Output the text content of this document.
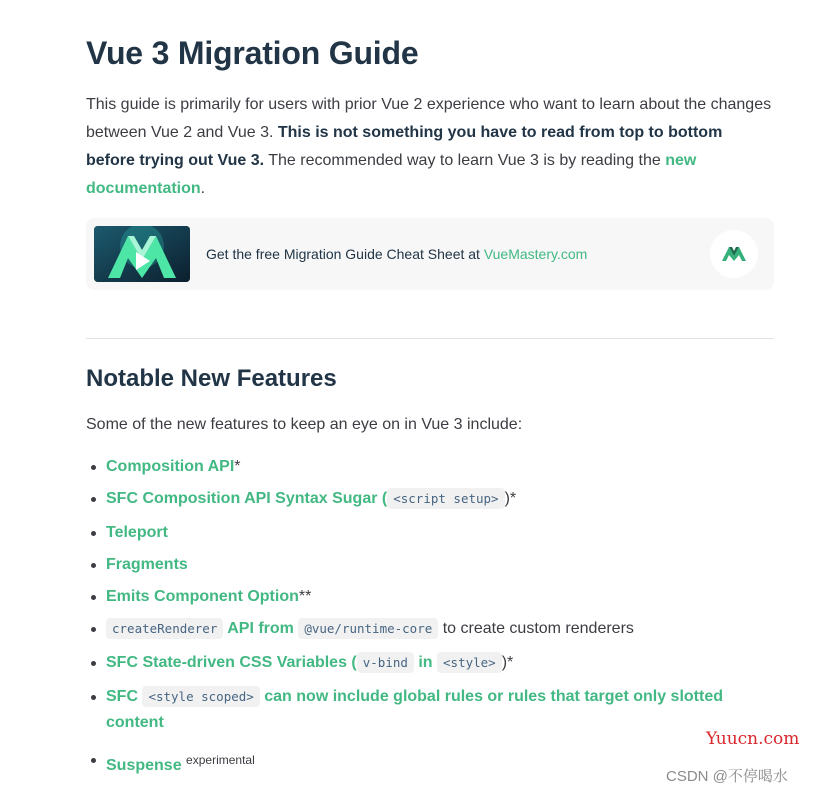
Vue 3 Migration Guide

This guide is primarily for users with prior Vue 2 experience who want to learn about the changes between Vue 2 and Vue 3. This is not something you have to read from top to bottom before trying out Vue 3. The recommended way to learn Vue 3 is by reading the new documentation.

Get the free Migration Guide Cheat Sheet at VueMastery.com
Notable New Features

Some of the new features to keep an eye on in Vue 3 include:

Composition API*
SFC Composition API Syntax Sugar ( <script setup> )*
Teleport
Fragments
Emits Component Option**
createRenderer API from @vue/runtime-core to create custom renderers
SFC State-driven CSS Variables ( v-bind in <style> )*
SFC <style scoped> can now include global rules or rules that target only slotted content
Suspense $^{experimental}$
Yuucn.com
CSDN @不停喝水
